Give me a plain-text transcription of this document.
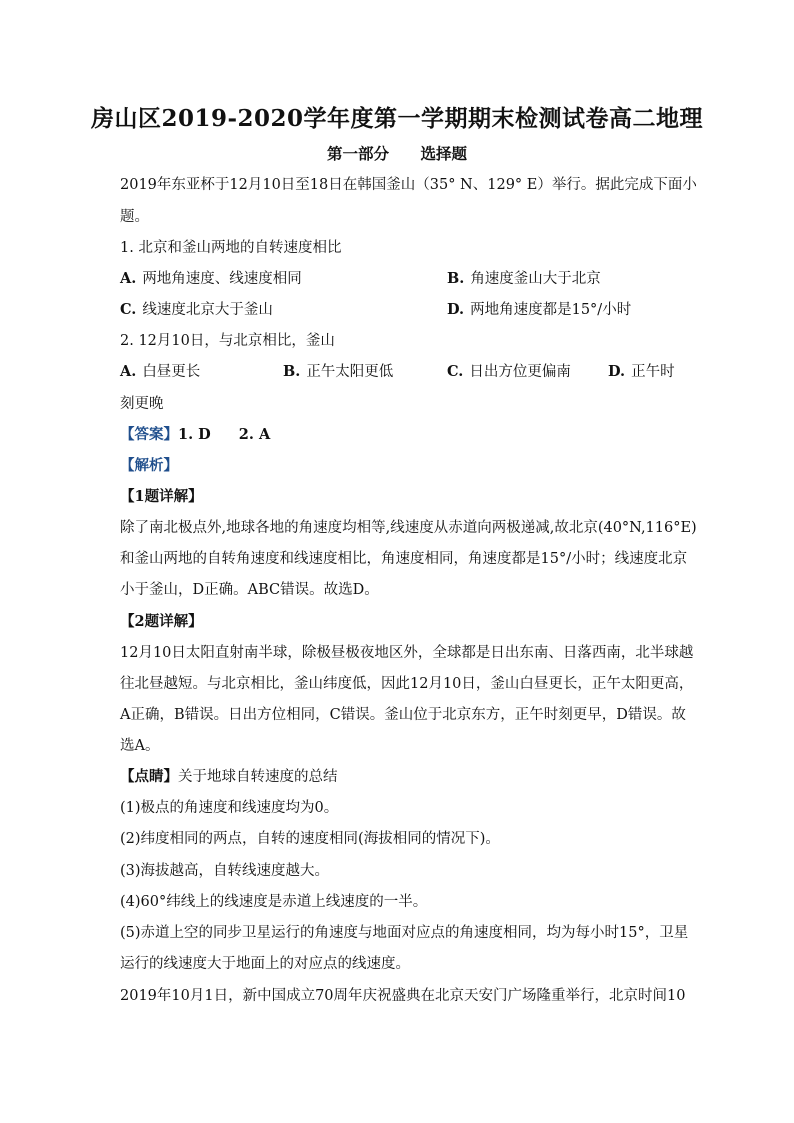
房山区2019-2020学年度第一学期期末检测试卷高二地理
第一部分 选择题
2019年东亚杯于12月10日至18日在韩国釜山（35° N、129° E）举行。据此完成下面小
题。
1. 北京和釜山两地的自转速度相比
A. 两地角速度、线速度相同	B. 角速度釜山大于北京
C. 线速度北京大于釜山	D. 两地角速度都是15°/小时
2. 12月10日，与北京相比，釜山
A. 白昼更长	B. 正午太阳更低	C. 日出方位更偏南	D. 正午时
刻更晚
【答案】1. D 2. A
【解析】
【1题详解】
除了南北极点外,地球各地的角速度均相等,线速度从赤道向两极递减,故北京(40°N,116°E)
和釜山两地的自转角速度和线速度相比，角速度相同，角速度都是15°/小时；线速度北京
小于釜山，D正确。ABC错误。故选D。
【2题详解】
12月10日太阳直射南半球，除极昼极夜地区外，全球都是日出东南、日落西南，北半球越
往北昼越短。与北京相比，釜山纬度低，因此12月10日，釜山白昼更长，正午太阳更高，
A正确，B错误。日出方位相同，C错误。釜山位于北京东方，正午时刻更早，D错误。故
选A。
【点睛】关于地球自转速度的总结
(1)极点的角速度和线速度均为0。
(2)纬度相同的两点，自转的速度相同(海拔相同的情况下)。
(3)海拔越高，自转线速度越大。
(4)60°纬线上的线速度是赤道上线速度的一半。
(5)赤道上空的同步卫星运行的角速度与地面对应点的角速度相同，均为每小时15°，卫星
运行的线速度大于地面上的对应点的线速度。
2019年10月1日，新中国成立70周年庆祝盛典在北京天安门广场隆重举行，北京时间10
